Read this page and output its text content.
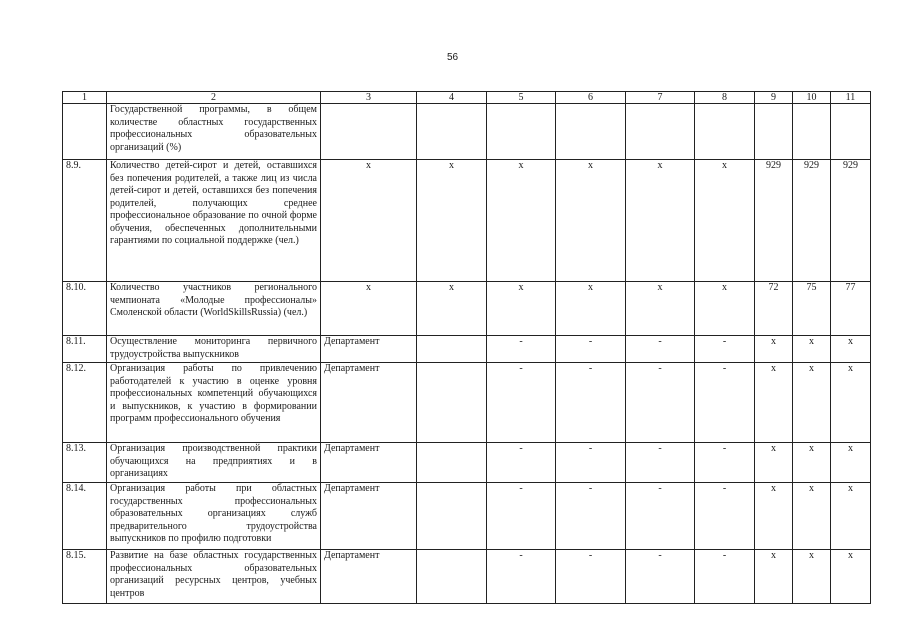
56
1	2	3	4	5	6	7	8	9	10	11
	Государственной программы, в общем количестве областных государственных профессиональных образовательных организаций (%)									
8.9.	Количество детей-сирот и детей, оставшихся без попечения родителей, а также лиц из числа детей-сирот и детей, оставшихся без попечения родителей, получающих среднее профессиональное образование по очной форме обучения, обеспеченных дополнительными гарантиями по социальной поддержке (чел.)	x	x	x	x	x	x	929	929	929
8.10.	Количество участников регионального чемпионата «Молодые профессионалы» Смоленской области (WorldSkillsRussia) (чел.)	x	x	x	x	x	x	72	75	77
8.11.	Осуществление мониторинга первичного трудоустройства выпускников	Департамент		-	-	-	-	x	x	x
8.12.	Организация работы по привлечению работодателей к участию в оценке уровня профессиональных компетенций обучающихся и выпускников, к участию в формировании программ профессионального обучения	Департамент		-	-	-	-	x	x	x
8.13.	Организация производственной практики обучающихся на предприятиях и в организациях	Департамент		-	-	-	-	x	x	x
8.14.	Организация работы при областных государственных профессиональных образовательных организациях служб предварительного трудоустройства выпускников по профилю подготовки	Департамент		-	-	-	-	x	x	x
8.15.	Развитие на базе областных государственных профессиональных образовательных организаций ресурсных центров, учебных центров	Департамент		-	-	-	-	x	x	x
